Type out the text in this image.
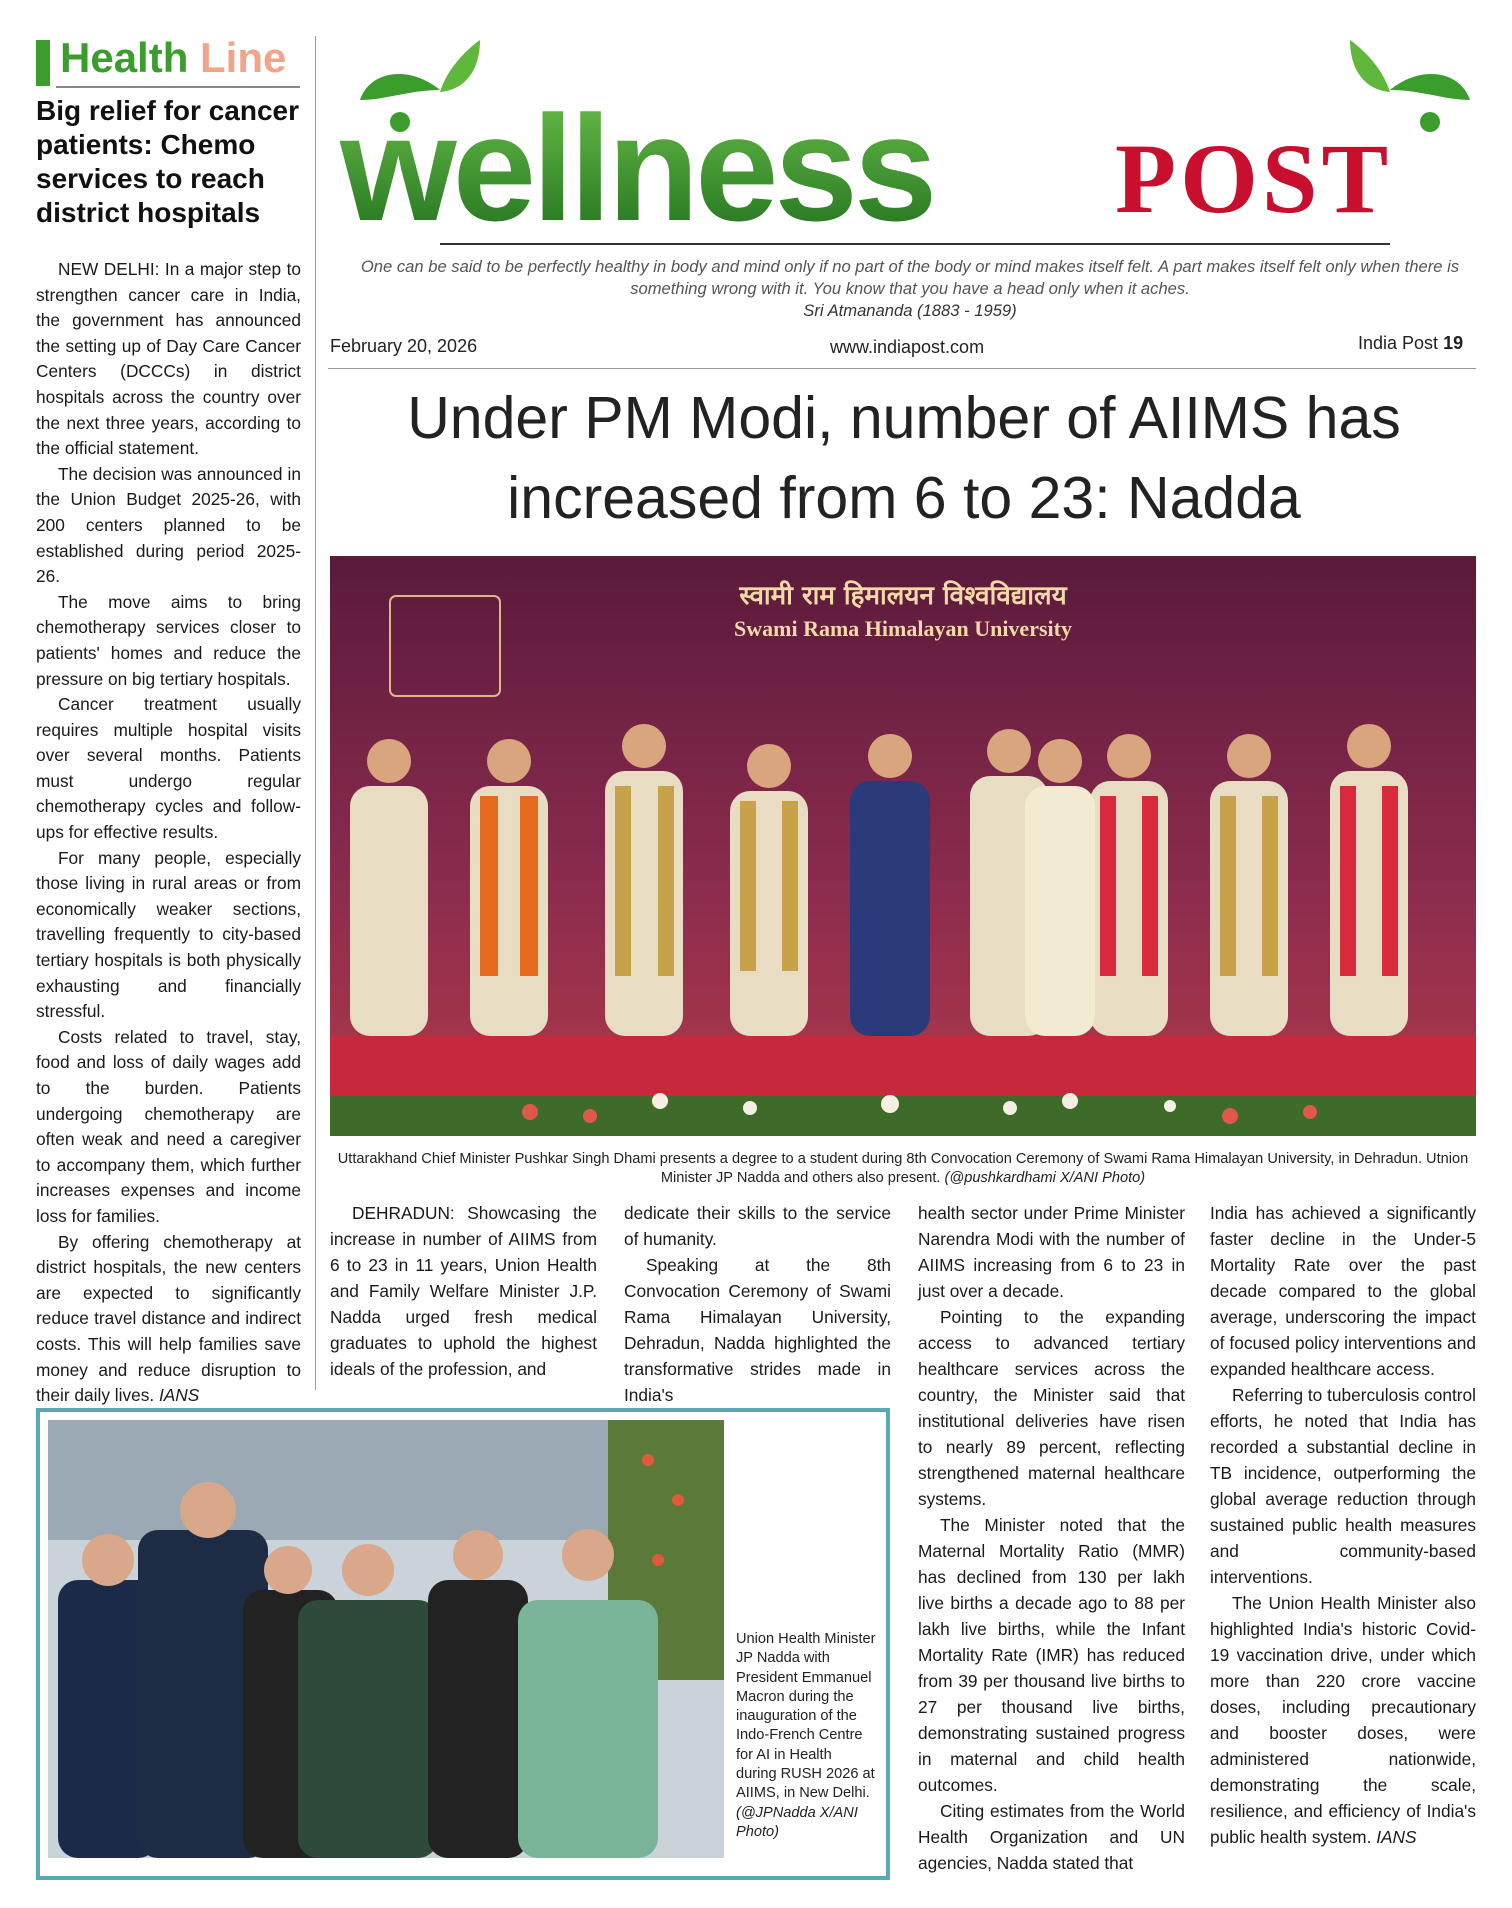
Health Line
Big relief for cancer patients: Chemo services to reach district hospitals

NEW DELHI: In a major step to strengthen cancer care in India, the government has announced the setting up of Day Care Cancer Centers (DCCCs) in district hospitals across the country over the next three years, according to the official statement.

The decision was announced in the Union Budget 2025-26, with 200 centers planned to be established during period 2025-26.

The move aims to bring chemotherapy services closer to patients' homes and reduce the pressure on big tertiary hospitals.

Cancer treatment usually requires multiple hospital visits over several months. Patients must undergo regular chemotherapy cycles and follow-ups for effective results.

For many people, especially those living in rural areas or from economically weaker sections, travelling frequently to city-based tertiary hospitals is both physically exhausting and financially stressful.

Costs related to travel, stay, food and loss of daily wages add to the burden. Patients undergoing chemotherapy are often weak and need a caregiver to accompany them, which further increases expenses and income loss for families.

By offering chemotherapy at district hospitals, the new centers are expected to significantly reduce travel distance and indirect costs. This will help families save money and reduce disruption to their daily lives. IANS

wellness POST
One can be said to be perfectly healthy in body and mind only if no part of the body or mind makes itself felt. A part makes itself felt only when there is something wrong with it. You know that you have a head only when it aches.
Sri Atmananda (1883 - 1959)
February 20, 2026	www.indiapost.com	India Post 19
Under PM Modi, number of AIIMS has increased from 6 to 23: Nadda
स्वामी राम हिमालयन विश्वविद्यालय
Swami Rama Himalayan University
Uttarakhand Chief Minister Pushkar Singh Dhami presents a degree to a student during 8th Convocation Ceremony of Swami Rama Himalayan University, in Dehradun. Utnion Minister JP Nadda and others also present. (@pushkardhami X/ANI Photo)

DEHRADUN: Showcasing the increase in number of AIIMS from 6 to 23 in 11 years, Union Health and Family Welfare Minister J.P. Nadda urged fresh medical graduates to uphold the highest ideals of the profession, and

dedicate their skills to the service of humanity.

Speaking at the 8th Convocation Ceremony of Swami Rama Himalayan University, Dehradun, Nadda highlighted the transformative strides made in India's

health sector under Prime Minister Narendra Modi with the number of AIIMS increasing from 6 to 23 in just over a decade.

Pointing to the expanding access to advanced tertiary healthcare services across the country, the Minister said that institutional deliveries have risen to nearly 89 percent, reflecting strengthened maternal healthcare systems.

The Minister noted that the Maternal Mortality Ratio (MMR) has declined from 130 per lakh live births a decade ago to 88 per lakh live births, while the Infant Mortality Rate (IMR) has reduced from 39 per thousand live births to 27 per thousand live births, demonstrating sustained progress in maternal and child health outcomes.

Citing estimates from the World Health Organization and UN agencies, Nadda stated that

India has achieved a significantly faster decline in the Under-5 Mortality Rate over the past decade compared to the global average, underscoring the impact of focused policy interventions and expanded healthcare access.

Referring to tuberculosis control efforts, he noted that India has recorded a substantial decline in TB incidence, outperforming the global average reduction through sustained public health measures and community-based interventions.

The Union Health Minister also highlighted India's historic Covid-19 vaccination drive, under which more than 220 crore vaccine doses, including precautionary and booster doses, were administered nationwide, demonstrating the scale, resilience, and efficiency of India's public health system. IANS

Union Health Minister JP Nadda with President Emmanuel Macron during the inauguration of the Indo-French Centre for AI in Health during RUSH 2026 at AIIMS, in New Delhi. (@JPNadda X/ANI Photo)
